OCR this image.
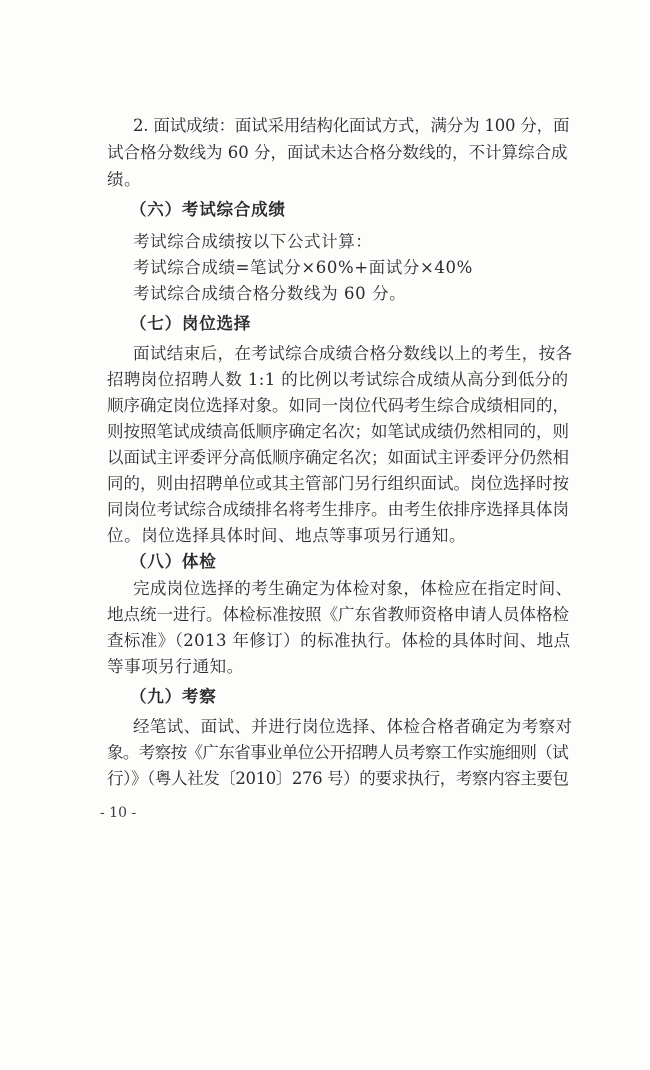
2. 面试成绩：面试采用结构化面试方式，满分为 100 分，面
试合格分数线为 60 分，面试未达合格分数线的，不计算综合成
绩。
（六）考试综合成绩
考试综合成绩按以下公式计算：
考试综合成绩=笔试分×60%+面试分×40%
考试综合成绩合格分数线为 60 分。
（七）岗位选择
面试结束后，在考试综合成绩合格分数线以上的考生，按各
招聘岗位招聘人数 1:1 的比例以考试综合成绩从高分到低分的
顺序确定岗位选择对象。如同一岗位代码考生综合成绩相同的，
则按照笔试成绩高低顺序确定名次；如笔试成绩仍然相同的，则
以面试主评委评分高低顺序确定名次；如面试主评委评分仍然相
同的，则由招聘单位或其主管部门另行组织面试。岗位选择时按
同岗位考试综合成绩排名将考生排序。由考生依排序选择具体岗
位。岗位选择具体时间、地点等事项另行通知。
（八）体检
完成岗位选择的考生确定为体检对象，体检应在指定时间、
地点统一进行。体检标准按照《广东省教师资格申请人员体格检
查标准》（2013 年修订）的标准执行。体检的具体时间、地点
等事项另行通知。
（九）考察
经笔试、面试、并进行岗位选择、体检合格者确定为考察对
象。考察按《广东省事业单位公开招聘人员考察工作实施细则（试
行）》（粤人社发〔2010〕276 号）的要求执行，考察内容主要包
- 10 -
